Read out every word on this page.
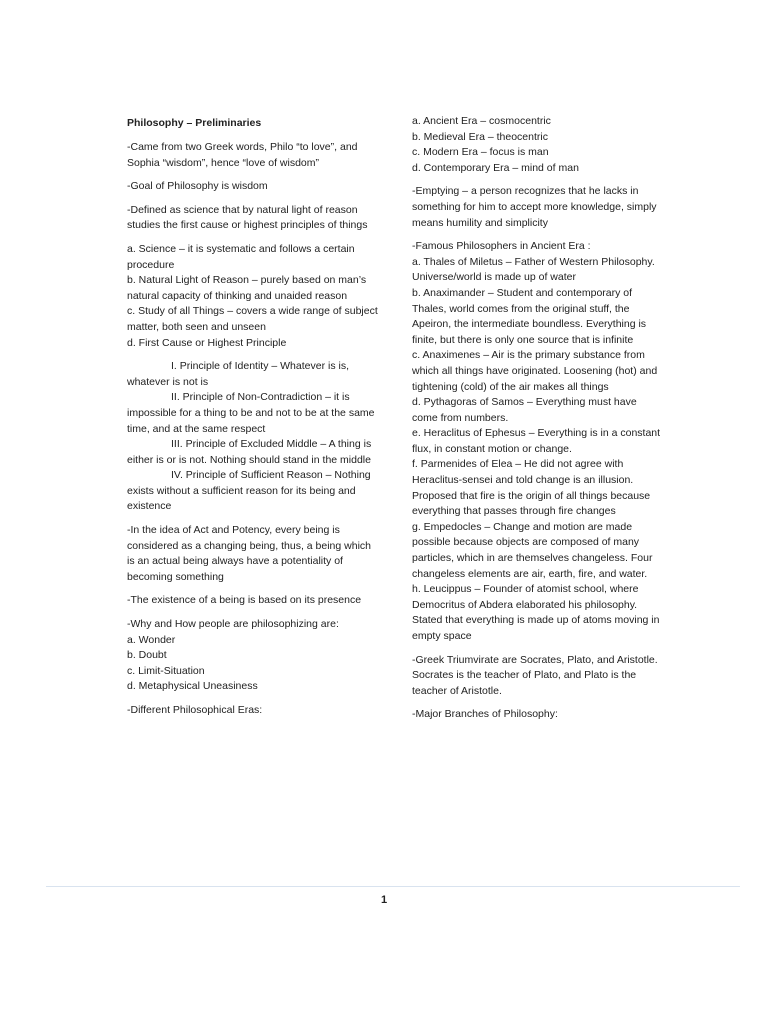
Philosophy – Preliminaries

-Came from two Greek words, Philo “to love”, and Sophia “wisdom”, hence “love of wisdom”

-Goal of Philosophy is wisdom

-Defined as science that by natural light of reason studies the first cause or highest principles of things

a. Science – it is systematic and follows a certain procedure

b. Natural Light of Reason – purely based on man’s natural capacity of thinking and unaided reason

c. Study of all Things – covers a wide range of subject matter, both seen and unseen

d. First Cause or Highest Principle

I. Principle of Identity – Whatever is is, whatever is not is

II. Principle of Non-Contradiction – it is impossible for a thing to be and not to be at the same time, and at the same respect

III. Principle of Excluded Middle – A thing is either is or is not. Nothing should stand in the middle

IV. Principle of Sufficient Reason – Nothing exists without a sufficient reason for its being and existence

-In the idea of Act and Potency, every being is considered as a changing being, thus, a being which is an actual being always have a potentiality of becoming something

-The existence of a being is based on its presence

-Why and How people are philosophizing are:

a. Wonder

b. Doubt

c. Limit-Situation

d. Metaphysical Uneasiness

-Different Philosophical Eras:

a. Ancient Era – cosmocentric

b. Medieval Era – theocentric

c. Modern Era – focus is man

d. Contemporary Era – mind of man

-Emptying – a person recognizes that he lacks in something for him to accept more knowledge, simply means humility and simplicity

-Famous Philosophers in Ancient Era :

a. Thales of Miletus – Father of Western Philosophy. Universe/world is made up of water

b. Anaximander – Student and contemporary of Thales, world comes from the original stuff, the Apeiron, the intermediate boundless. Everything is finite, but there is only one source that is infinite

c. Anaximenes – Air is the primary substance from which all things have originated. Loosening (hot) and tightening (cold) of the air makes all things

d. Pythagoras of Samos – Everything must have come from numbers.

e. Heraclitus of Ephesus – Everything is in a constant flux, in constant motion or change.

f. Parmenides of Elea – He did not agree with Heraclitus-sensei and told change is an illusion. Proposed that fire is the origin of all things because everything that passes through fire changes

g. Empedocles – Change and motion are made possible because objects are composed of many particles, which in are themselves changeless. Four changeless elements are air, earth, fire, and water.

h. Leucippus – Founder of atomist school, where Democritus of Abdera elaborated his philosophy. Stated that everything is made up of atoms moving in empty space

-Greek Triumvirate are Socrates, Plato, and Aristotle. Socrates is the teacher of Plato, and Plato is the teacher of Aristotle.

-Major Branches of Philosophy:

1
